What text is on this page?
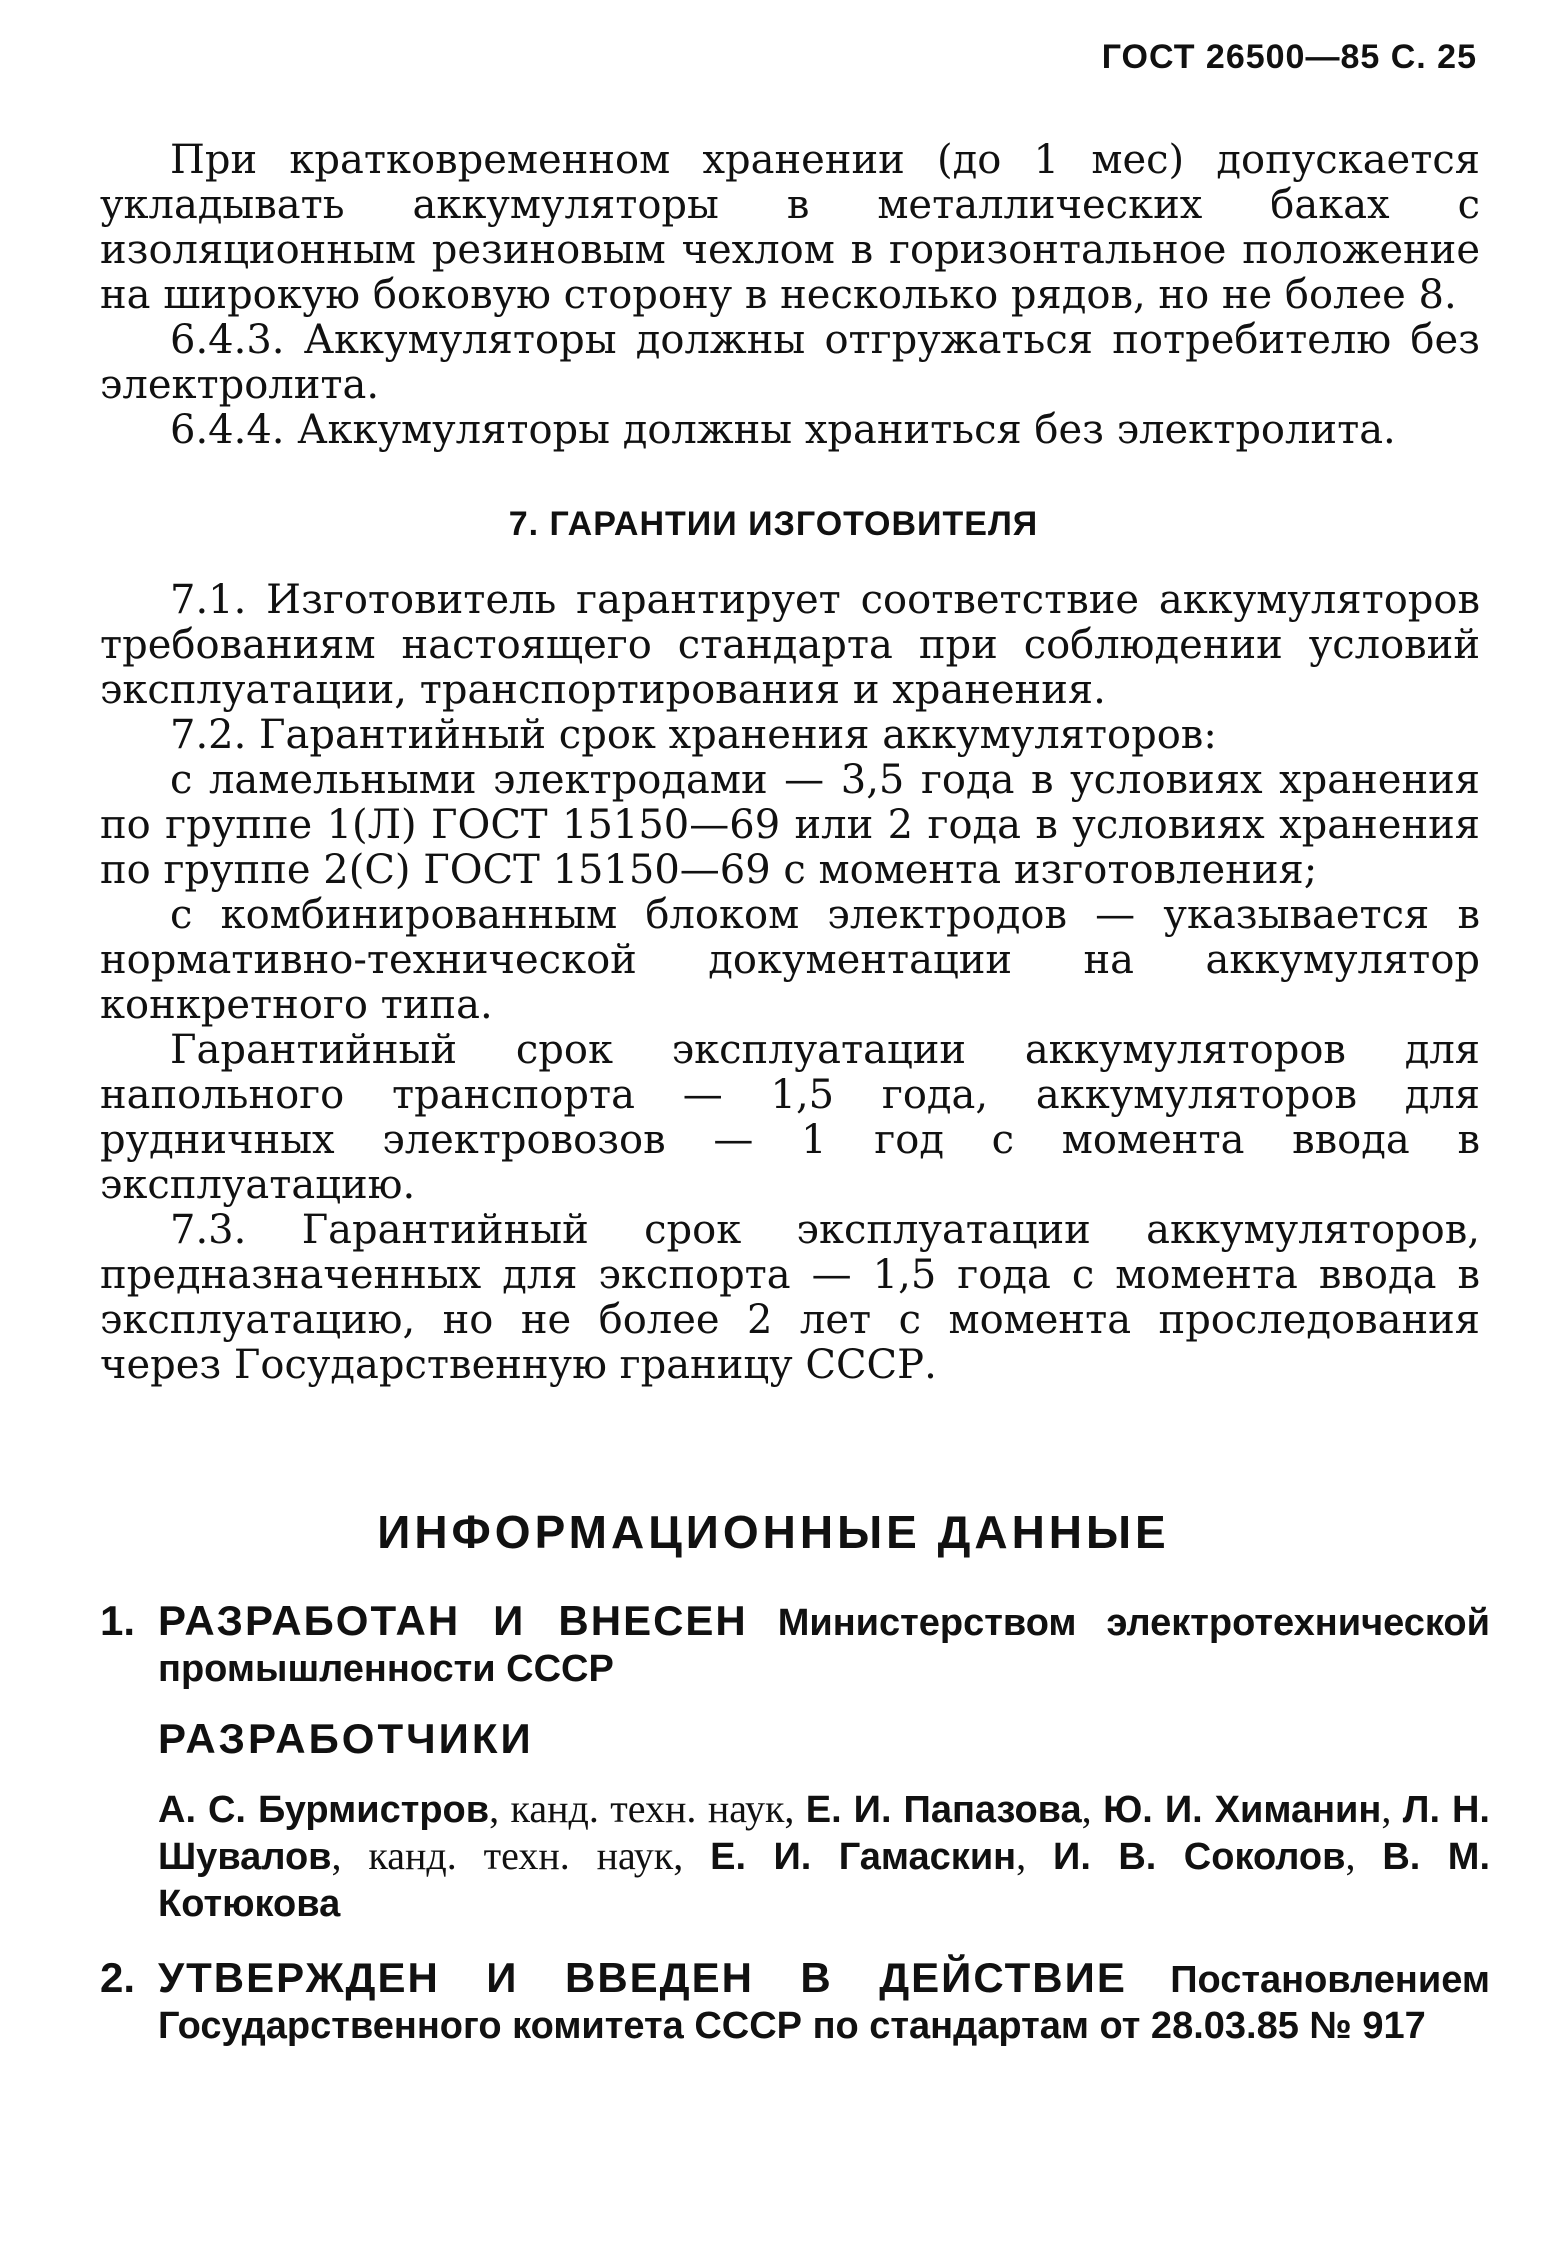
ГОСТ 26500—85 С. 25

При кратковременном хранении (до 1 мес) допускается укладывать аккумуляторы в металлических баках с изоляционным резиновым чехлом в горизонтальное положение на широкую боковую сторону в несколько рядов, но не более 8.

6.4.3. Аккумуляторы должны отгружаться потребителю без электролита.

6.4.4. Аккумуляторы должны храниться без электролита.

7. ГАРАНТИИ ИЗГОТОВИТЕЛЯ

7.1. Изготовитель гарантирует соответствие аккумуляторов требованиям настоящего стандарта при соблюдении условий эксплуатации, транспортирования и хранения.

7.2. Гарантийный срок хранения аккумуляторов:

с ламельными электродами — 3,5 года в условиях хранения по группе 1(Л) ГОСТ 15150—69 или 2 года в условиях хранения по группе 2(С) ГОСТ 15150—69 с момента изготовления;

с комбинированным блоком электродов — указывается в нормативно-технической документации на аккумулятор конкретного типа.

Гарантийный срок эксплуатации аккумуляторов для напольного транспорта — 1,5 года, аккумуляторов для рудничных электровозов — 1 год с момента ввода в эксплуатацию.

7.3. Гарантийный срок эксплуатации аккумуляторов, предназначенных для экспорта — 1,5 года с момента ввода в эксплуатацию, но не более 2 лет с момента проследования через Государственную границу СССР.

ИНФОРМАЦИОННЫЕ ДАННЫЕ
1. РАЗРАБОТАН И ВНЕСЕН Министерством электротехнической промышленности СССР
РАЗРАБОТЧИКИ
А. С. Бурмистров, канд. техн. наук, Е. И. Папазова, Ю. И. Химанин, Л. Н. Шувалов, канд. техн. наук, Е. И. Гамаскин, И. В. Соколов, В. М. Котюкова
2. УТВЕРЖДЕН И ВВЕДЕН В ДЕЙСТВИЕ Постановлением Государственного комитета СССР по стандартам от 28.03.85 № 917
